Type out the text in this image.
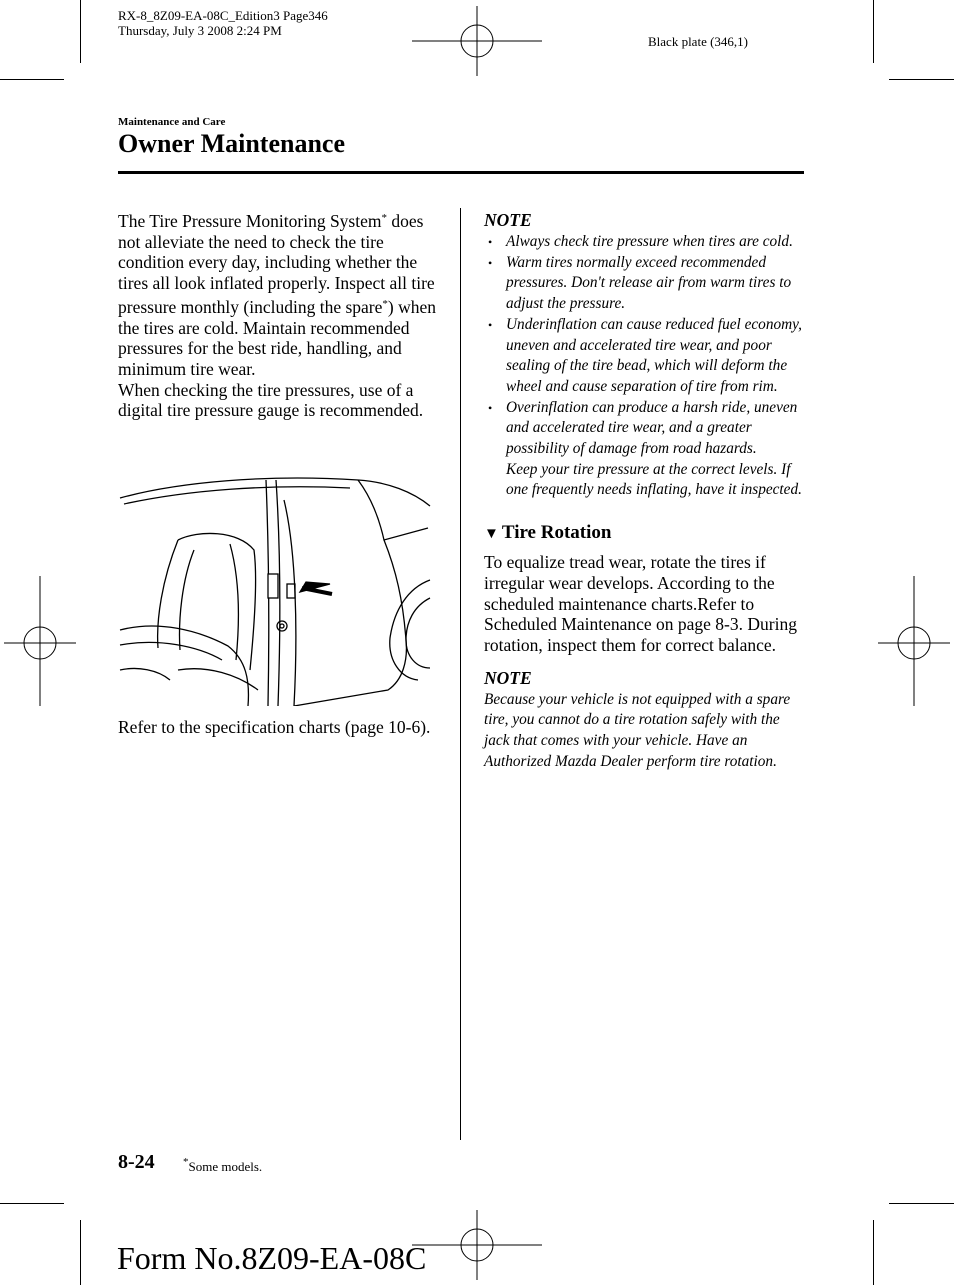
RX-8_8Z09-EA-08C_Edition3 Page346
Thursday, July 3 2008 2:24 PM
Black plate (346,1)
Maintenance and Care
Owner Maintenance

The Tire Pressure Monitoring System* does not alleviate the need to check the tire condition every day, including whether the tires all look inflated properly. Inspect all tire pressure monthly (including the spare*) when the tires are cold. Maintain recommended pressures for the best ride, handling, and minimum tire wear.

When checking the tire pressures, use of a digital tire pressure gauge is recommended.

Refer to the specification charts (page 10-6).

NOTE

• Always check tire pressure when tires are cold.

• Warm tires normally exceed recommended pressures. Don't release air from warm tires to adjust the pressure.

• Underinflation can cause reduced fuel economy, uneven and accelerated tire wear, and poor sealing of the tire bead, which will deform the wheel and cause separation of tire from rim.

• Overinflation can produce a harsh ride, uneven and accelerated tire wear, and a greater possibility of damage from road hazards.

Keep your tire pressure at the correct levels. If one frequently needs inflating, have it inspected.

▼ Tire Rotation

To equalize tread wear, rotate the tires if irregular wear develops. According to the scheduled maintenance charts.Refer to Scheduled Maintenance on page 8-3. During rotation, inspect them for correct balance.

NOTE

Because your vehicle is not equipped with a spare tire, you cannot do a tire rotation safely with the jack that comes with your vehicle. Have an Authorized Mazda Dealer perform tire rotation.

8-24	*Some models.
Form No.8Z09-EA-08C
